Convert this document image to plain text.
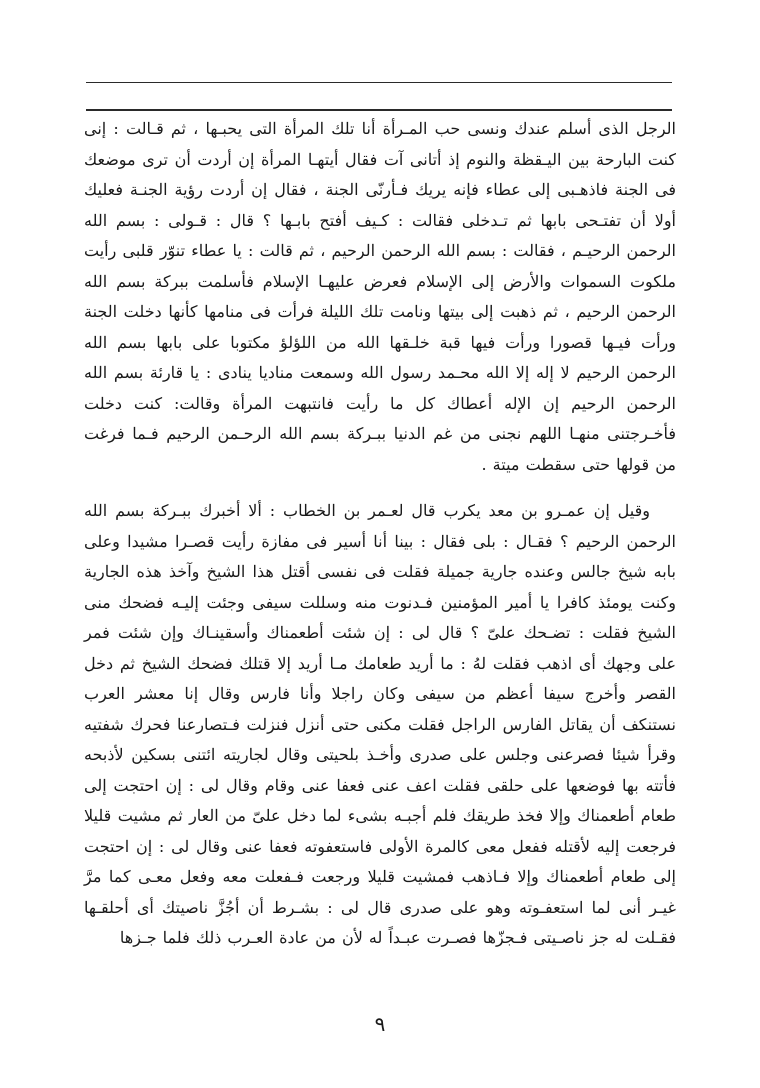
الرجل الذى أسلم عندك ونسى حب المـرأة أنا تلك المرأة التى يحبـها ، ثم قـالت : إنى كنت البارحة بين اليـقظة والنوم إذ أتانى آت فقال أيتهـا المرأة إن أردت أن ترى موضعك فى الجنة فاذهـبى إلى عطاء فإنه يريك فـأرنّى الجنة ، فقال إن أردت رؤية الجنـة فعليك أولا أن تفتـحى بابها ثم تـدخلى فقالت : كـيف أفتح بابـها ؟ قال : قـولى : بسم الله الرحمن الرحيـم ، فقالت : بسم الله الرحمن الرحيم ، ثم قالت : يا عطاء تنوّر قلبى رأيت ملكوت السموات والأرض إلى الإسلام فعرض عليهـا الإسلام فأسلمت ببركة بسم الله الرحمن الرحيم ، ثم ذهبت إلى بيتها ونامت تلك الليلة فرأت فى منامها كأنها دخلت الجنة ورأت فيـها قصورا ورأت فيها قبة خلـقها الله من اللؤلؤ مكتوبا على بابها بسم الله الرحمن الرحيم لا إله إلا الله محـمد رسول الله وسمعت مناديا ينادى : يا قارئة بسم الله الرحمن الرحيم إن الإله أعطاك كل ما رأيت فانتبهت المرأة وقالت: كنت دخلت فأخـرجتنى منهـا اللهم نجنى من غم الدنيا ببـركة بسم الله الرحـمن الرحيم فـما فرغت من قولها حتى سقطت ميتة .

وقيل إن عمـرو بن معد يكرب قال لعـمر بن الخطاب : ألا أخبرك ببـركة بسم الله الرحمن الرحيم ؟ فقـال : بلى فقال : بينا أنا أسير فى مفازة رأيت قصـرا مشيدا وعلى بابه شيخ جالس وعنده جارية جميلة فقلت فى نفسى أقتل هذا الشيخ وآخذ هذه الجارية وكنت يومئذ كافرا يا أمير المؤمنين فـدنوت منه وسللت سيفى وجئت إليـه فضحك منى الشيخ فقلت : تضـحك علىّ ؟ قال لى : إن شئت أطعمناك وأسقينـاك وإن شئت فمر على وجهك أى اذهب فقلت لهُ : ما أريد طعامك مـا أريد إلا قتلك فضحك الشيخ ثم دخل القصر وأخرج سيفا أعظم من سيفى وكان راجلا وأنا فارس وقال إنا معشر العرب نستنكف أن يقاتل الفارس الراجل فقلت مكنى حتى أنزل فنزلت فـتصارعنا فحرك شفتيه وقرأ شيئا فصرعنى وجلس على صدرى وأخـذ بلحيتى وقال لجاريته ائتنى بسكين لأذبحه فأتته بها فوضعها على حلقى فقلت اعف عنى فعفا عنى وقام وقال لى : إن احتجت إلى طعام أطعمناك وإلا فخذ طريقك فلم أجبـه بشىء لما دخل علىّ من العار ثم مشيت قليلا فرجعت إليه لأقتله ففعل معى كالمرة الأولى فاستعفوته فعفا عنى وقال لى : إن احتجت إلى طعام أطعمناك وإلا فـاذهب فمشيت قليلا ورجعت فـفعلت معه وفعل معـى كما مرَّ غيـر أنى لما استعفـوته وهو على صدرى قال لى : بشـرط أن أجُزَّ ناصيتك أى أحلقـها فقـلت له جز ناصـيتى فـجزّها فصـرت عبـداً له لأن من عادة العـرب ذلك فلما جـزها

٩
